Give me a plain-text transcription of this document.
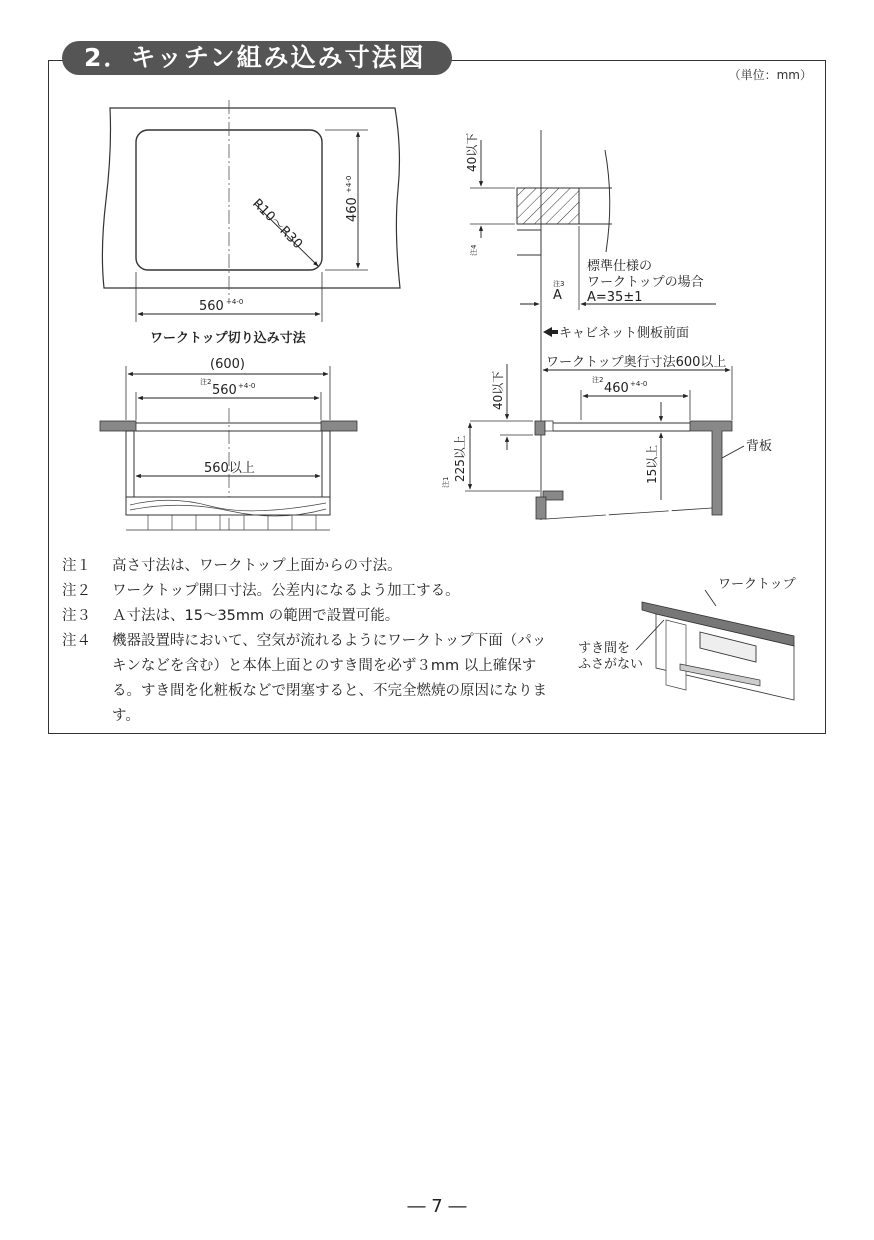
2．キッチン組み込み寸法図
（単位：mm）
R10～R30	460
+4-0
560 +4-0
ワークトップ切り込み寸法
(600)
注2
560 +4-0
560以上
40以下
注4
注3
A
標準仕様の
ワークトップの場合
A=35±1
キャビネット側板前面
ワークトップ奥行寸法600以上
注2
460 +4-0
40以下
225以上
注1	15以上	背板
ワークトップ
すき間を
ふさがない
注１	高さ寸法は、ワークトップ上面からの寸法。
注２	ワークトップ開口寸法。公差内になるよう加工する。
注３	Ａ寸法は、15～35mm の範囲で設置可能。
注４	機器設置時において、空気が流れるようにワークトップ下面（パッキンなどを含む）と本体上面とのすき間を必ず３mm 以上確保する。すき間を化粧板などで閉塞すると、不完全燃焼の原因になります。
― 7 ―
